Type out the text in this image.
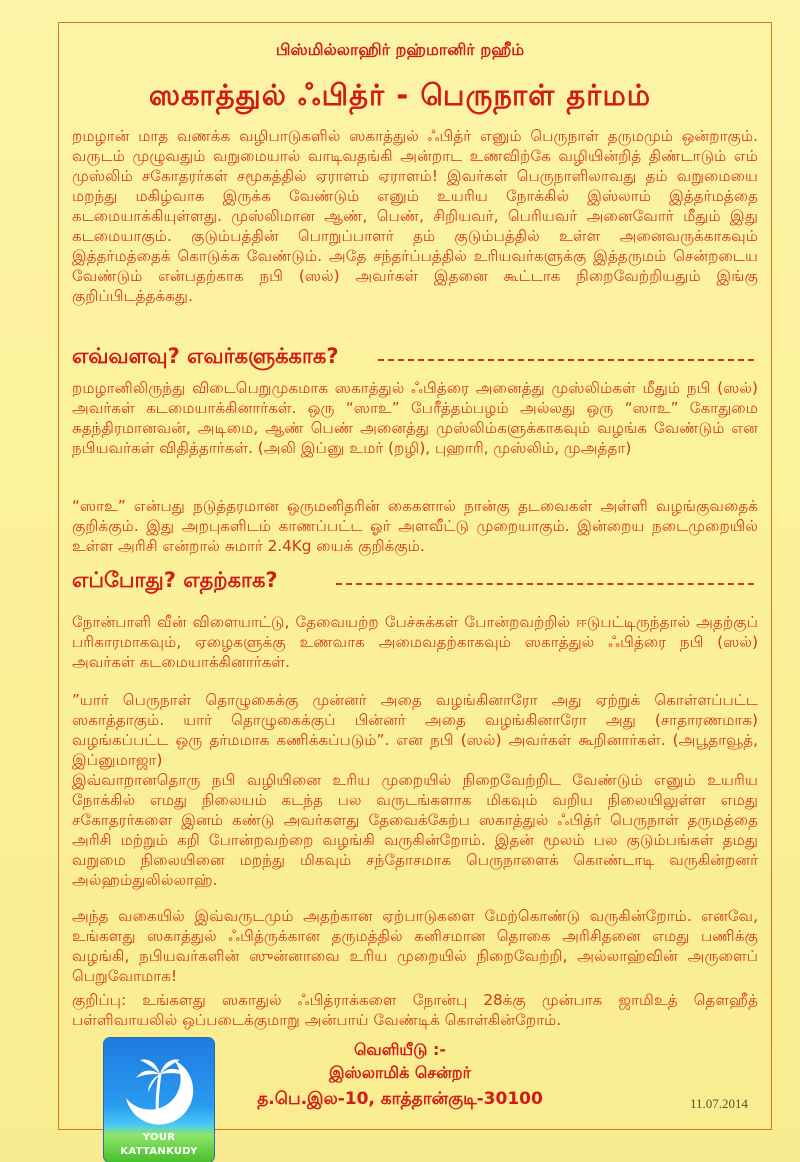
பிஸ்மில்லாஹிர் றஹ்மானிர் றஹீம்
ஸகாத்துல் ஃபித்ர் - பெருநாள் தர்மம்
றமழான் மாத வணக்க வழிபாடுகளில் ஸகாத்துல் ஃபித்ர் எனும் பெருநாள் தருமமும் ஒன்றாகும். வருடம் முழுவதும் வறுமையால் வாடிவதங்கி அன்றாட உணவிற்கே வழியின்றித் திண்டாடும் எம் முஸ்லிம் சகோதரர்கள் சமூகத்தில் ஏராளம் ஏராளம்! இவர்கள் பெருநாளிலாவது தம் வறுமையை மறந்து மகிழ்வாக இருக்க வேண்டும் எனும் உயரிய நோக்கில் இஸ்லாம் இத்தர்மத்தை கடமையாக்கியுள்ளது. முஸ்லிமான ஆண், பெண், சிறியவர், பெரியவர் அனைவோர் மீதும் இது கடமையாகும். குடும்பத்தின் பொறுப்பாளர் தம் குடும்பத்தில் உள்ள அனைவருக்காகவும் இத்தர்மத்தைக் கொடுக்க வேண்டும். அதே சந்தர்ப்பத்தில் உரியவர்களுக்கு இத்தருமம் சென்றடைய வேண்டும் என்பதற்காக நபி (ஸல்) அவர்கள் இதனை கூட்டாக நிறைவேற்றியதும் இங்கு குறிப்பிடத்தக்கது.
எவ்வளவு? எவர்களுக்காக?
றமழானிலிருந்து விடைபெறுமுகமாக ஸகாத்துல் ஃபித்ரை அனைத்து முஸ்லிம்கள் மீதும் நபி (ஸல்) அவர்கள் கடமையாக்கினார்கள். ஒரு “ஸாஉ” பேரீத்தம்பழம் அல்லது ஒரு “ஸாஉ” கோதுமை சுதந்திரமானவன், அடிமை, ஆண் பெண் அனைத்து முஸ்லிம்களுக்காகவும் வழங்க வேண்டும் என நபியவர்கள் விதித்தார்கள். (அலி இப்னு உமர் (றழி), புஹாரி, முஸ்லிம், முஅத்தா)
“ஸாஉ” என்பது நடுத்தரமான ஒருமனிதரின் கைகளால் நான்கு தடவைகள் அள்ளி வழங்குவதைக் குறிக்கும். இது அறபுகளிடம் காணப்பட்ட ஓர் அளவீட்டு முறையாகும். இன்றைய நடைமுறையில் உள்ள அரிசி என்றால் சுமார் 2.4Kg யைக் குறிக்கும்.
எப்போது? எதற்காக?
நோன்பாளி வீன் விளையாட்டு, தேவையற்ற பேச்சுக்கள் போன்றவற்றில் ஈடுபட்டிருந்தால் அதற்குப் பரிகாரமாகவும், ஏழைகளுக்கு உணவாக அமைவதற்காகவும் ஸகாத்துல் ஃபித்ரை நபி (ஸல்) அவர்கள் கடமையாக்கினார்கள்.
”யார் பெருநாள் தொழுகைக்கு முன்னர் அதை வழங்கினாரோ அது ஏற்றுக் கொள்ளப்பட்ட ஸகாத்தாகும். யார் தொழுகைக்குப் பின்னர் அதை வழங்கினாரோ அது (சாதாரணமாக) வழங்கப்பட்ட ஒரு தர்மமாக கணிக்கப்படும்”. என நபி (ஸல்) அவர்கள் கூறினார்கள். (அபூதாவூத், இப்னுமாஜா)
இவ்வாறானதொரு நபி வழியினை உரிய முறையில் நிறைவேற்றிட வேண்டும் எனும் உயரிய நோக்கில் எமது நிலையம் கடந்த பல வருடங்களாக மிகவும் வறிய நிலையிலுள்ள எமது சகோதரர்களை இனம் கண்டு அவர்களது தேவைக்கேற்ப ஸகாத்துல் ஃபித்ர் பெருநாள் தருமத்தை அரிசி மற்றும் கறி போன்றவற்றை வழங்கி வருகின்றோம். இதன் மூலம் பல குடும்பங்கள் தமது வறுமை நிலையினை மறந்து மிகவும் சந்தோசமாக பெருநாளைக் கொண்டாடி வருகின்றனர் அல்ஹம்துலில்லாஹ்.
அந்த வகையில் இவ்வருடமும் அதற்கான ஏற்பாடுகளை மேற்கொண்டு வருகின்றோம். எனவே, உங்களது ஸகாத்துல் ஃபித்ருக்கான தருமத்தில் கனிசமான தொகை அரிசிதனை எமது பணிக்கு வழங்கி, நபியவர்களின் ஸுன்னாவை உரிய முறையில் நிறைவேற்றி, அல்லாஹ்வின் அருளைப் பெறுவோமாக!
குறிப்பு: உங்களது ஸகாதுல் ஃபித்ராக்களை நோன்பு 28க்கு முன்பாக ஜாமிஉத் தௌஹீத் பள்ளிவாயலில் ஒப்படைக்குமாறு அன்பாய் வேண்டிக் கொள்கின்றோம்.
வெளியீடு :-
இஸ்லாமிக் சென்றர்
த.பெ.இல-10, காத்தான்குடி-30100	11.07.2014
YOUR
KATTANKUDY
